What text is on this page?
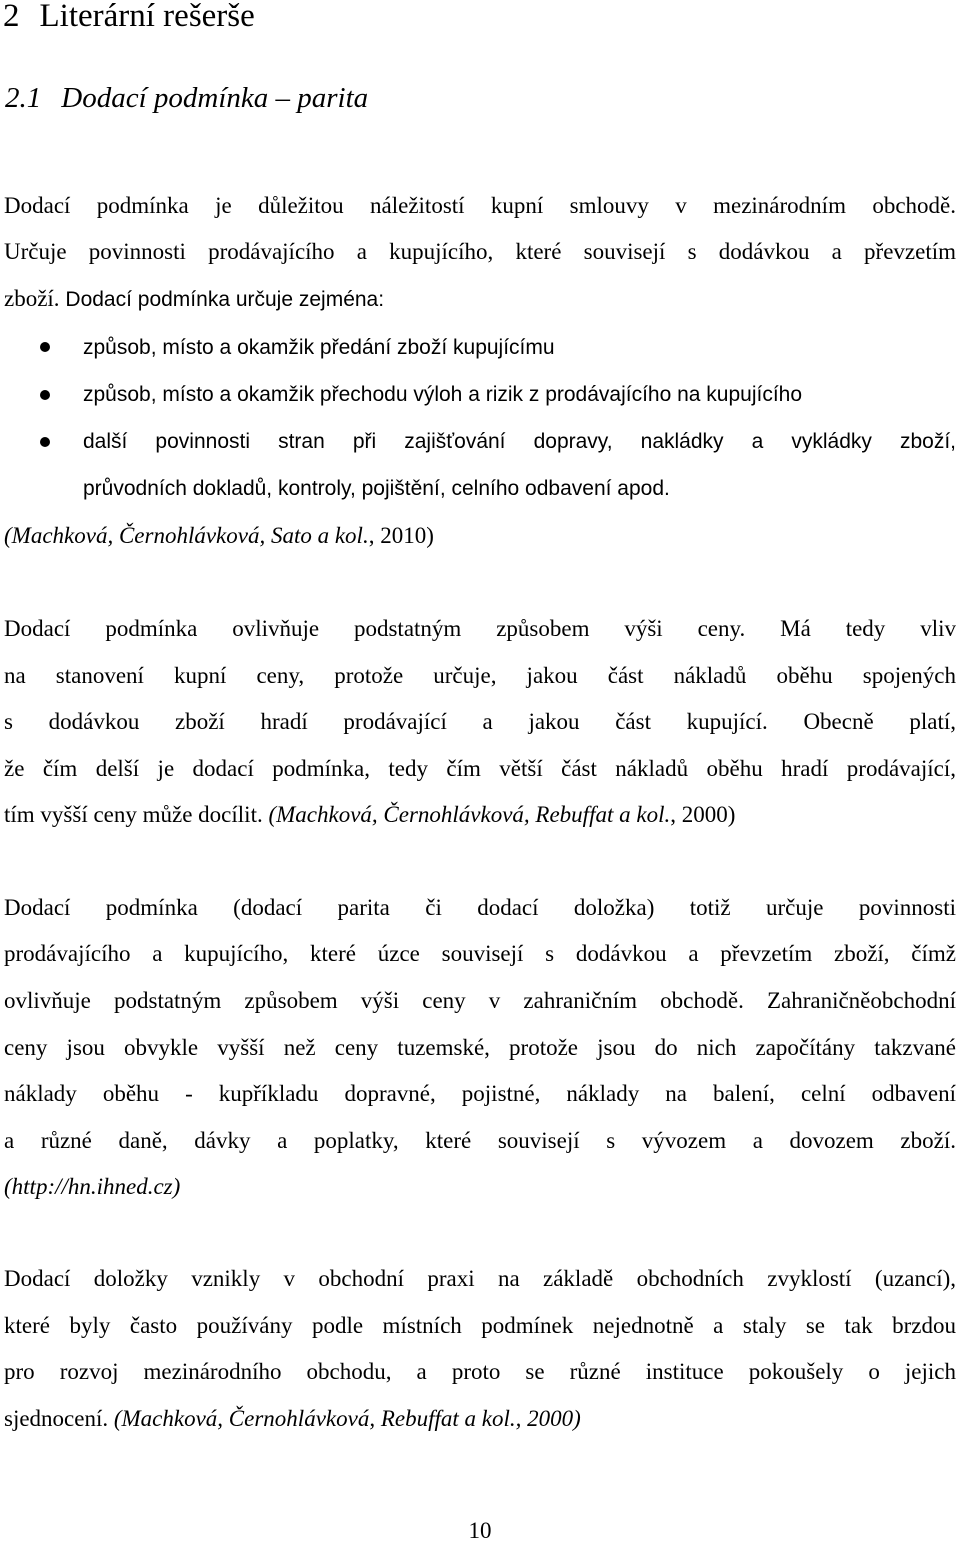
2 Literární rešerše
2.1 Dodací podmínka – parita
Dodací podmínka je důležitou náležitostí kupní smlouvy v mezinárodním obchodě.
Určuje povinnosti prodávajícího a kupujícího, které souvisejí s dodávkou a převzetím
zboží. Dodací podmínka určuje zejména:
způsob, místo a okamžik předání zboží kupujícímu
způsob, místo a okamžik přechodu výloh a rizik z prodávajícího na kupujícího
další povinnosti stran při zajišťování dopravy, nakládky a vykládky zboží,
průvodních dokladů, kontroly, pojištění, celního odbavení apod.
(Machková, Černohlávková, Sato a kol., 2010)
Dodací podmínka ovlivňuje podstatným způsobem výši ceny. Má tedy vliv
na stanovení kupní ceny, protože určuje, jakou část nákladů oběhu spojených
s dodávkou zboží hradí prodávající a jakou část kupující. Obecně platí,
že čím delší je dodací podmínka, tedy čím větší část nákladů oběhu hradí prodávající,
tím vyšší ceny může docílit. (Machková, Černohlávková, Rebuffat a kol., 2000)
Dodací podmínka (dodací parita či dodací doložka) totiž určuje povinnosti
prodávajícího a kupujícího, které úzce souvisejí s dodávkou a převzetím zboží, čímž
ovlivňuje podstatným způsobem výši ceny v zahraničním obchodě. Zahraničněobchodní
ceny jsou obvykle vyšší než ceny tuzemské, protože jsou do nich započítány takzvané
náklady oběhu - kupříkladu dopravné, pojistné, náklady na balení, celní odbavení
a různé daně, dávky a poplatky, které souvisejí s vývozem a dovozem zboží.
(http://hn.ihned.cz)
Dodací doložky vznikly v obchodní praxi na základě obchodních zvyklostí (uzancí),
které byly často používány podle místních podmínek nejednotně a staly se tak brzdou
pro rozvoj mezinárodního obchodu, a proto se různé instituce pokoušely o jejich
sjednocení. (Machková, Černohlávková, Rebuffat a kol., 2000)
10
